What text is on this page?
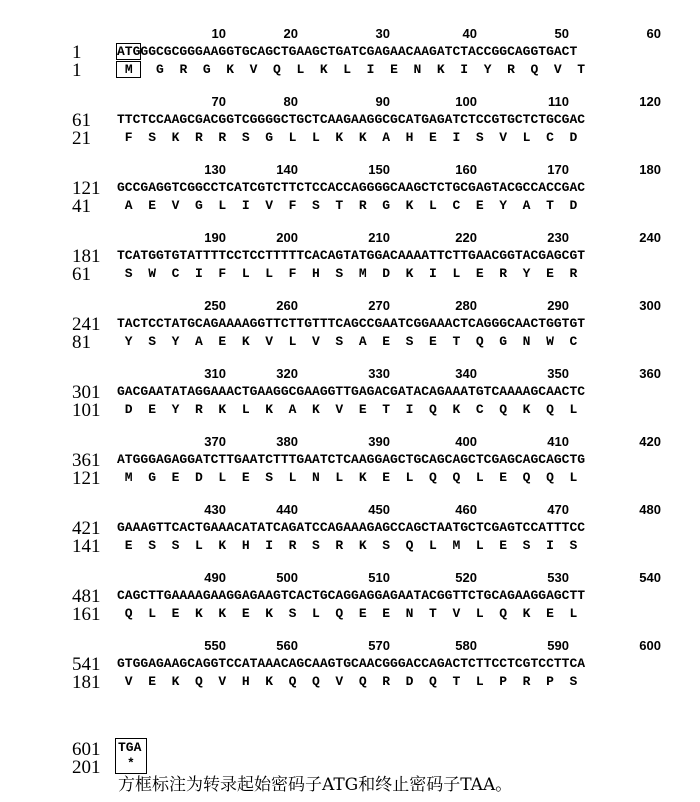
10	20	30	40	50	60
1
1
ATGGGCGCGGGAAGGTGCAGCTGAAGCTGATCGAGAACAAGATCTACCGGCAGGTGACT
M   G  R  G  K  V  Q  L  K  L  I  E  N  K  I  Y  R  Q  V  T
70	80	90	100	110	120
61
21
TTCTCCAAGCGACGGTCGGGGCTGCTCAAGAAGGCGCATGAGATCTCCGTGCTCTGCGAC
F  S  K  R  R  S  G  L  L  K  K  A  H  E  I  S  V  L  C  D
130	140	150	160	170	180
121
41
GCCGAGGTCGGCCTCATCGTCTTCTCCACCAGGGGCAAGCTCTGCGAGTACGCCACCGAC
A  E  V  G  L  I  V  F  S  T  R  G  K  L  C  E  Y  A  T  D
190	200	210	220	230	240
181
61
TCATGGTGTATTTTCCTCCTTTTTCACAGTATGGACAAAATTCTTGAACGGTACGAGCGT
S  W  C  I  F  L  L  F  H  S  M  D  K  I  L  E  R  Y  E  R
250	260	270	280	290	300
241
81
TACTCCTATGCAGAAAAGGTTCTTGTTTCAGCCGAATCGGAAACTCAGGGCAACTGGTGT
Y  S  Y  A  E  K  V  L  V  S  A  E  S  E  T  Q  G  N  W  C
310	320	330	340	350	360
301
101
GACGAATATAGGAAACTGAAGGCGAAGGTTGAGACGATACAGAAATGTCAAAAGCAACTC
D  E  Y  R  K  L  K  A  K  V  E  T  I  Q  K  C  Q  K  Q  L
370	380	390	400	410	420
361
121
ATGGGAGAGGATCTTGAATCTTTGAATCTCAAGGAGCTGCAGCAGCTCGAGCAGCAGCTG
M  G  E  D  L  E  S  L  N  L  K  E  L  Q  Q  L  E  Q  Q  L
430	440	450	460	470	480
421
141
GAAAGTTCACTGAAACATATCAGATCCAGAAAGAGCCAGCTAATGCTCGAGTCCATTTCC
E  S  S  L  K  H  I  R  S  R  K  S  Q  L  M  L  E  S  I  S
490	500	510	520	530	540
481
161
CAGCTTGAAAAGAAGGAGAAGTCACTGCAGGAGGAGAATACGGTTCTGCAGAAGGAGCTT
Q  L  E  K  K  E  K  S  L  Q  E  E  N  T  V  L  Q  K  E  L
550	560	570	580	590	600
541
181
GTGGAGAAGCAGGTCCATAAACAGCAAGTGCAACGGGACCAGACTCTTCCTCGTCCTTCA
V  E  K  Q  V  H  K  Q  Q  V  Q  R  D  Q  T  L  P  R  P  S
601
201
TGA
*
方框标注为转录起始密码子ATG和终止密码子TAA。
